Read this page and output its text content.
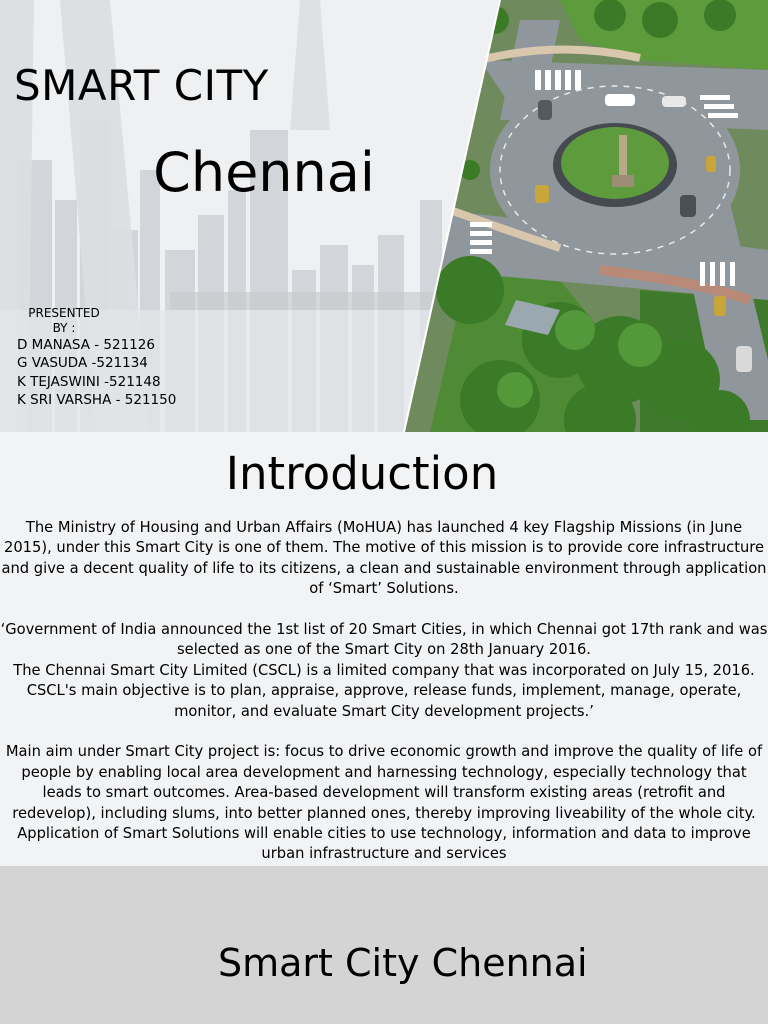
SMART CITY
Chennai
PRESENTED BY :
D MANASA - 521126
G VASUDA -521134
K TEJASWINI -521148
K SRI VARSHA - 521150
Introduction

The Ministry of Housing and Urban Affairs (MoHUA) has launched 4 key Flagship Missions (in June 2015), under this Smart City is one of them. The motive of this mission is to provide core infrastructure and give a decent quality of life to its citizens, a clean and sustainable environment through application of ‘Smart’ Solutions.

‘Government of India announced the 1st list of 20 Smart Cities, in which Chennai got 17th rank and was selected as one of the Smart City on 28th January 2016.

The Chennai Smart City Limited (CSCL) is a limited company that was incorporated on July 15, 2016. CSCL's main objective is to plan, appraise, approve, release funds, implement, manage, operate, monitor, and evaluate Smart City development projects.’

Main aim under Smart City project is: focus to drive economic growth and improve the quality of life of people by enabling local area development and harnessing technology, especially technology that leads to smart outcomes. Area-based development will transform existing areas (retrofit and redevelop), including slums, into better planned ones, thereby improving liveability of the whole city. Application of Smart Solutions will enable cities to use technology, information and data to improve urban infrastructure and services

Smart City Chennai
